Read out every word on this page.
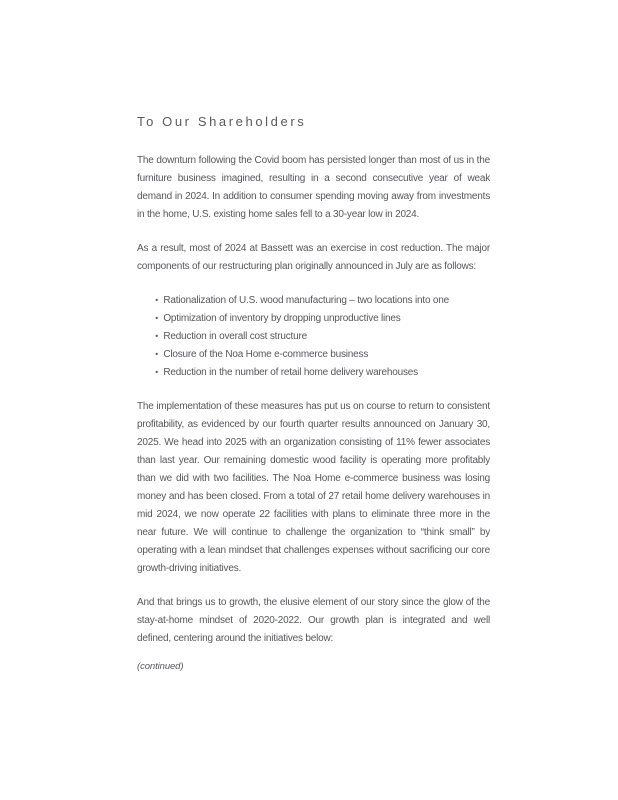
To Our Shareholders

The downturn following the Covid boom has persisted longer than most of us in the furniture business imagined, resulting in a second consecutive year of weak demand in 2024. In addition to consumer spending moving away from investments in the home, U.S. existing home sales fell to a 30-year low in 2024.

As a result, most of 2024 at Bassett was an exercise in cost reduction. The major components of our restructuring plan originally announced in July are as follows:

• Rationalization of U.S. wood manufacturing – two locations into one
• Optimization of inventory by dropping unproductive lines
• Reduction in overall cost structure
• Closure of the Noa Home e-commerce business
• Reduction in the number of retail home delivery warehouses

The implementation of these measures has put us on course to return to consistent profitability, as evidenced by our fourth quarter results announced on January 30, 2025. We head into 2025 with an organization consisting of 11% fewer associates than last year. Our remaining domestic wood facility is operating more profitably than we did with two facilities. The Noa Home e-commerce business was losing money and has been closed. From a total of 27 retail home delivery warehouses in mid 2024, we now operate 22 facilities with plans to eliminate three more in the near future. We will continue to challenge the organization to “think small” by operating with a lean mindset that challenges expenses without sacrificing our core growth-driving initiatives.

And that brings us to growth, the elusive element of our story since the glow of the stay-at-home mindset of 2020-2022. Our growth plan is integrated and well defined, centering around the initiatives below:

(continued)
